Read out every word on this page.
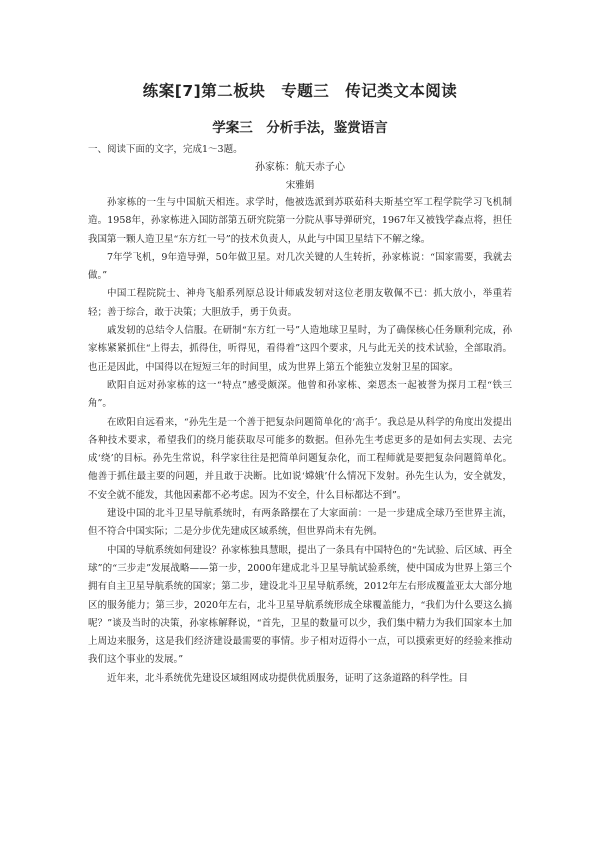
练案[7]第二板块　专题三　传记类文本阅读
学案三　分析手法，鉴赏语言
一、阅读下面的文字，完成1～3题。
孙家栋：航天赤子心
宋雅娟

孙家栋的一生与中国航天相连。求学时，他被选派到苏联茹科夫斯基空军工程学院学习飞机制造。1958年，孙家栋进入国防部第五研究院第一分院从事导弹研究，1967年又被钱学森点将，担任我国第一颗人造卫星“东方红一号”的技术负责人，从此与中国卫星结下不解之缘。

7年学飞机，9年造导弹，50年做卫星。对几次关键的人生转折，孙家栋说：“国家需要，我就去做。”

中国工程院院士、神舟飞船系列原总设计师戚发轫对这位老朋友敬佩不已：抓大放小，举重若轻；善于综合，敢于决策；大胆放手，勇于负责。

戚发轫的总结令人信服。在研制“东方红一号”人造地球卫星时，为了确保核心任务顺利完成，孙家栋紧紧抓住“上得去，抓得住，听得见，看得着”这四个要求，凡与此无关的技术试验，全部取消。也正是因此，中国得以在短短三年的时间里，成为世界上第五个能独立发射卫星的国家。

欧阳自远对孙家栋的这一“特点”感受颇深。他曾和孙家栋、栾恩杰一起被誉为探月工程“铁三角”。

在欧阳自远看来，“孙先生是一个善于把复杂问题简单化的‘高手’。我总是从科学的角度出发提出各种技术要求，希望我们的绕月能获取尽可能多的数据。但孙先生考虑更多的是如何去实现、去完成‘绕’的目标。孙先生常说，科学家往往是把简单问题复杂化，而工程师就是要把复杂问题简单化。他善于抓住最主要的问题，并且敢于决断。比如说‘嫦娥’什么情况下发射。孙先生认为，安全就发，不安全就不能发，其他因素都不必考虑。因为不安全，什么目标都达不到”。

建设中国的北斗卫星导航系统时，有两条路摆在了大家面前：一是一步建成全球乃至世界主流，但不符合中国实际；二是分步优先建成区域系统，但世界尚未有先例。

中国的导航系统如何建设？孙家栋独具慧眼，提出了一条具有中国特色的“先试验、后区域、再全球”的“三步走”发展战略——第一步，2000年建成北斗卫星导航试验系统，使中国成为世界上第三个拥有自主卫星导航系统的国家；第二步，建设北斗卫星导航系统，2012年左右形成覆盖亚太大部分地区的服务能力；第三步，2020年左右，北斗卫星导航系统形成全球覆盖能力，“我们为什么要这么搞呢？”谈及当时的决策，孙家栋解释说，“首先，卫星的数量可以少，我们集中精力为我们国家本土加上周边来服务，这是我们经济建设最需要的事情。步子相对迈得小一点，可以摸索更好的经验来推动我们这个事业的发展。”

近年来，北斗系统优先建设区域组网成功提供优质服务，证明了这条道路的科学性。目
